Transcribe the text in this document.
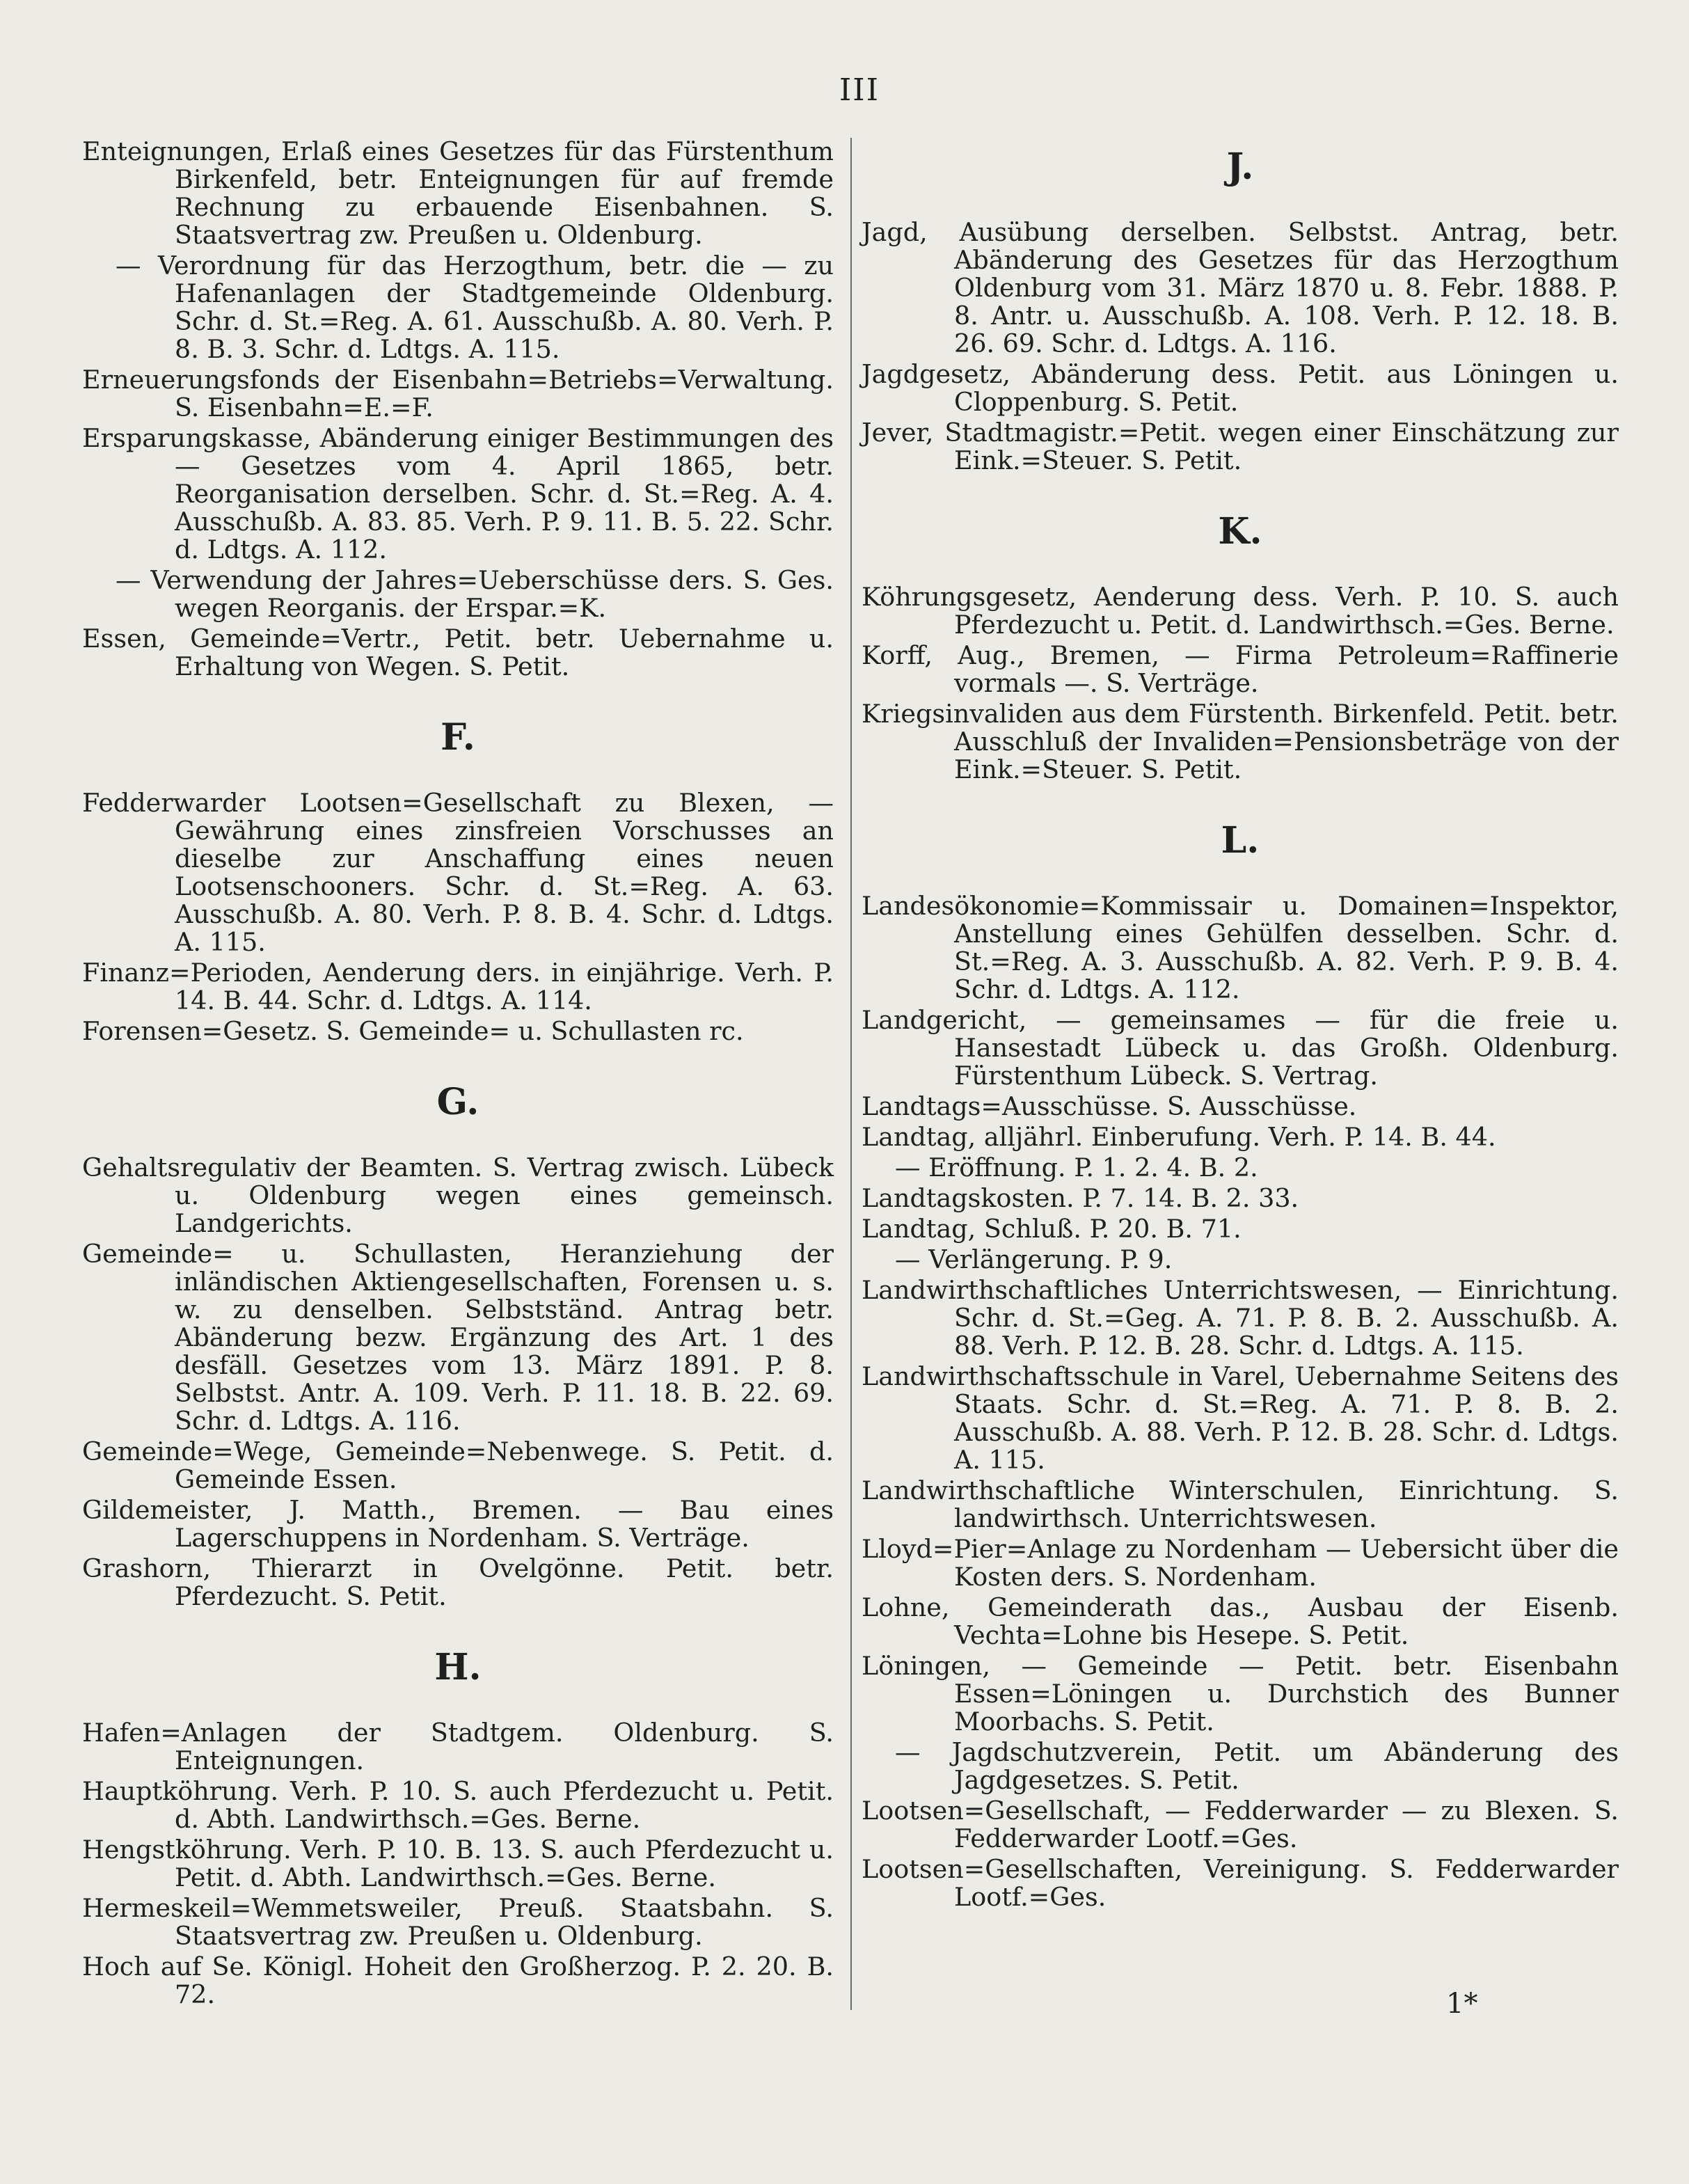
III
Enteignungen, Erlaß eines Gesetzes für das Fürstenthum Birkenfeld, betr. Enteignungen für auf fremde Rechnung zu erbauende Eisenbahnen. S. Staatsvertrag zw. Preußen u. Oldenburg.
— Verordnung für das Herzogthum, betr. die — zu Hafenanlagen der Stadtgemeinde Oldenburg. Schr. d. St.=Reg. A. 61. Ausschußb. A. 80. Verh. P. 8. B. 3. Schr. d. Ldtgs. A. 115.
Erneuerungsfonds der Eisenbahn=Betriebs=Verwaltung. S. Eisenbahn=E.=F.
Ersparungskasse, Abänderung einiger Bestimmungen des — Gesetzes vom 4. April 1865, betr. Reorganisation derselben. Schr. d. St.=Reg. A. 4. Ausschußb. A. 83. 85. Verh. P. 9. 11. B. 5. 22. Schr. d. Ldtgs. A. 112.
— Verwendung der Jahres=Ueberschüsse ders. S. Ges. wegen Reorganis. der Erspar.=K.
Essen, Gemeinde=Vertr., Petit. betr. Uebernahme u. Erhaltung von Wegen. S. Petit.
F.
Fedderwarder Lootsen=Gesellschaft zu Blexen, — Gewährung eines zinsfreien Vorschusses an dieselbe zur Anschaffung eines neuen Lootsenschooners. Schr. d. St.=Reg. A. 63. Ausschußb. A. 80. Verh. P. 8. B. 4. Schr. d. Ldtgs. A. 115.
Finanz=Perioden, Aenderung ders. in einjährige. Verh. P. 14. B. 44. Schr. d. Ldtgs. A. 114.
Forensen=Gesetz. S. Gemeinde= u. Schullasten rc.
G.
Gehaltsregulativ der Beamten. S. Vertrag zwisch. Lübeck u. Oldenburg wegen eines gemeinsch. Landgerichts.
Gemeinde= u. Schullasten, Heranziehung der inländischen Aktiengesellschaften, Forensen u. s. w. zu denselben. Selbstständ. Antrag betr. Abänderung bezw. Ergänzung des Art. 1 des desfäll. Gesetzes vom 13. März 1891. P. 8. Selbstst. Antr. A. 109. Verh. P. 11. 18. B. 22. 69. Schr. d. Ldtgs. A. 116.
Gemeinde=Wege, Gemeinde=Nebenwege. S. Petit. d. Gemeinde Essen.
Gildemeister, J. Matth., Bremen. — Bau eines Lagerschuppens in Nordenham. S. Verträge.
Grashorn, Thierarzt in Ovelgönne. Petit. betr. Pferdezucht. S. Petit.
H.
Hafen=Anlagen der Stadtgem. Oldenburg. S. Enteignungen.
Hauptköhrung. Verh. P. 10. S. auch Pferdezucht u. Petit. d. Abth. Landwirthsch.=Ges. Berne.
Hengstköhrung. Verh. P. 10. B. 13. S. auch Pferdezucht u. Petit. d. Abth. Landwirthsch.=Ges. Berne.
Hermeskeil=Wemmetsweiler, Preuß. Staatsbahn. S. Staatsvertrag zw. Preußen u. Oldenburg.
Hoch auf Se. Königl. Hoheit den Großherzog. P. 2. 20. B. 72.
J.
Jagd, Ausübung derselben. Selbstst. Antrag, betr. Abänderung des Gesetzes für das Herzogthum Oldenburg vom 31. März 1870 u. 8. Febr. 1888. P. 8. Antr. u. Ausschußb. A. 108. Verh. P. 12. 18. B. 26. 69. Schr. d. Ldtgs. A. 116.
Jagdgesetz, Abänderung dess. Petit. aus Löningen u. Cloppenburg. S. Petit.
Jever, Stadtmagistr.=Petit. wegen einer Einschätzung zur Eink.=Steuer. S. Petit.
K.
Köhrungsgesetz, Aenderung dess. Verh. P. 10. S. auch Pferdezucht u. Petit. d. Landwirthsch.=Ges. Berne.
Korff, Aug., Bremen, — Firma Petroleum=Raffinerie vormals —. S. Verträge.
Kriegsinvaliden aus dem Fürstenth. Birkenfeld. Petit. betr. Ausschluß der Invaliden=Pensionsbeträge von der Eink.=Steuer. S. Petit.
L.
Landesökonomie=Kommissair u. Domainen=Inspektor, Anstellung eines Gehülfen desselben. Schr. d. St.=Reg. A. 3. Ausschußb. A. 82. Verh. P. 9. B. 4. Schr. d. Ldtgs. A. 112.
Landgericht, — gemeinsames — für die freie u. Hansestadt Lübeck u. das Großh. Oldenburg. Fürstenthum Lübeck. S. Vertrag.
Landtags=Ausschüsse. S. Ausschüsse.
Landtag, alljährl. Einberufung. Verh. P. 14. B. 44.
— Eröffnung. P. 1. 2. 4. B. 2.
Landtagskosten. P. 7. 14. B. 2. 33.
Landtag, Schluß. P. 20. B. 71.
— Verlängerung. P. 9.
Landwirthschaftliches Unterrichtswesen, — Einrichtung. Schr. d. St.=Geg. A. 71. P. 8. B. 2. Ausschußb. A. 88. Verh. P. 12. B. 28. Schr. d. Ldtgs. A. 115.
Landwirthschaftsschule in Varel, Uebernahme Seitens des Staats. Schr. d. St.=Reg. A. 71. P. 8. B. 2. Ausschußb. A. 88. Verh. P. 12. B. 28. Schr. d. Ldtgs. A. 115.
Landwirthschaftliche Winterschulen, Einrichtung. S. landwirthsch. Unterrichtswesen.
Lloyd=Pier=Anlage zu Nordenham — Uebersicht über die Kosten ders. S. Nordenham.
Lohne, Gemeinderath das., Ausbau der Eisenb. Vechta=Lohne bis Hesepe. S. Petit.
Löningen, — Gemeinde — Petit. betr. Eisenbahn Essen=Löningen u. Durchstich des Bunner Moorbachs. S. Petit.
— Jagdschutzverein, Petit. um Abänderung des Jagdgesetzes. S. Petit.
Lootsen=Gesellschaft, — Fedderwarder — zu Blexen. S. Fedderwarder Lootf.=Ges.
Lootsen=Gesellschaften, Vereinigung. S. Fedderwarder Lootf.=Ges.
1*
